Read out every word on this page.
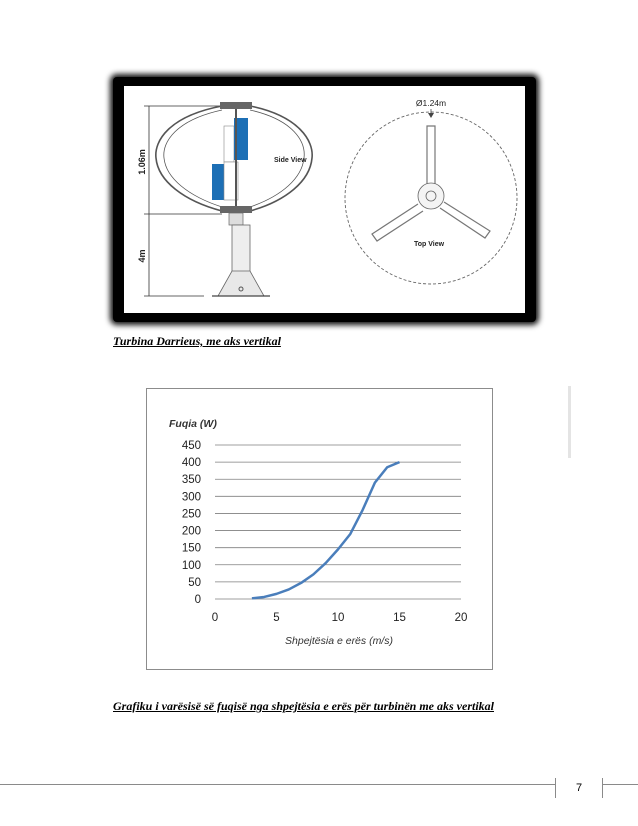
1.06m
4m
Side View
Ø1.24m
Top View
Turbina Darrieus, me aks vertikal
Fuqia (W)
0
50
100
150
200
250
300
350
400
450
0	5	10	15	20
Shpejtësia e erës (m/s)
Grafiku i varësisë së fuqisë nga shpejtësia e erës për turbinën me aks vertikal
7
